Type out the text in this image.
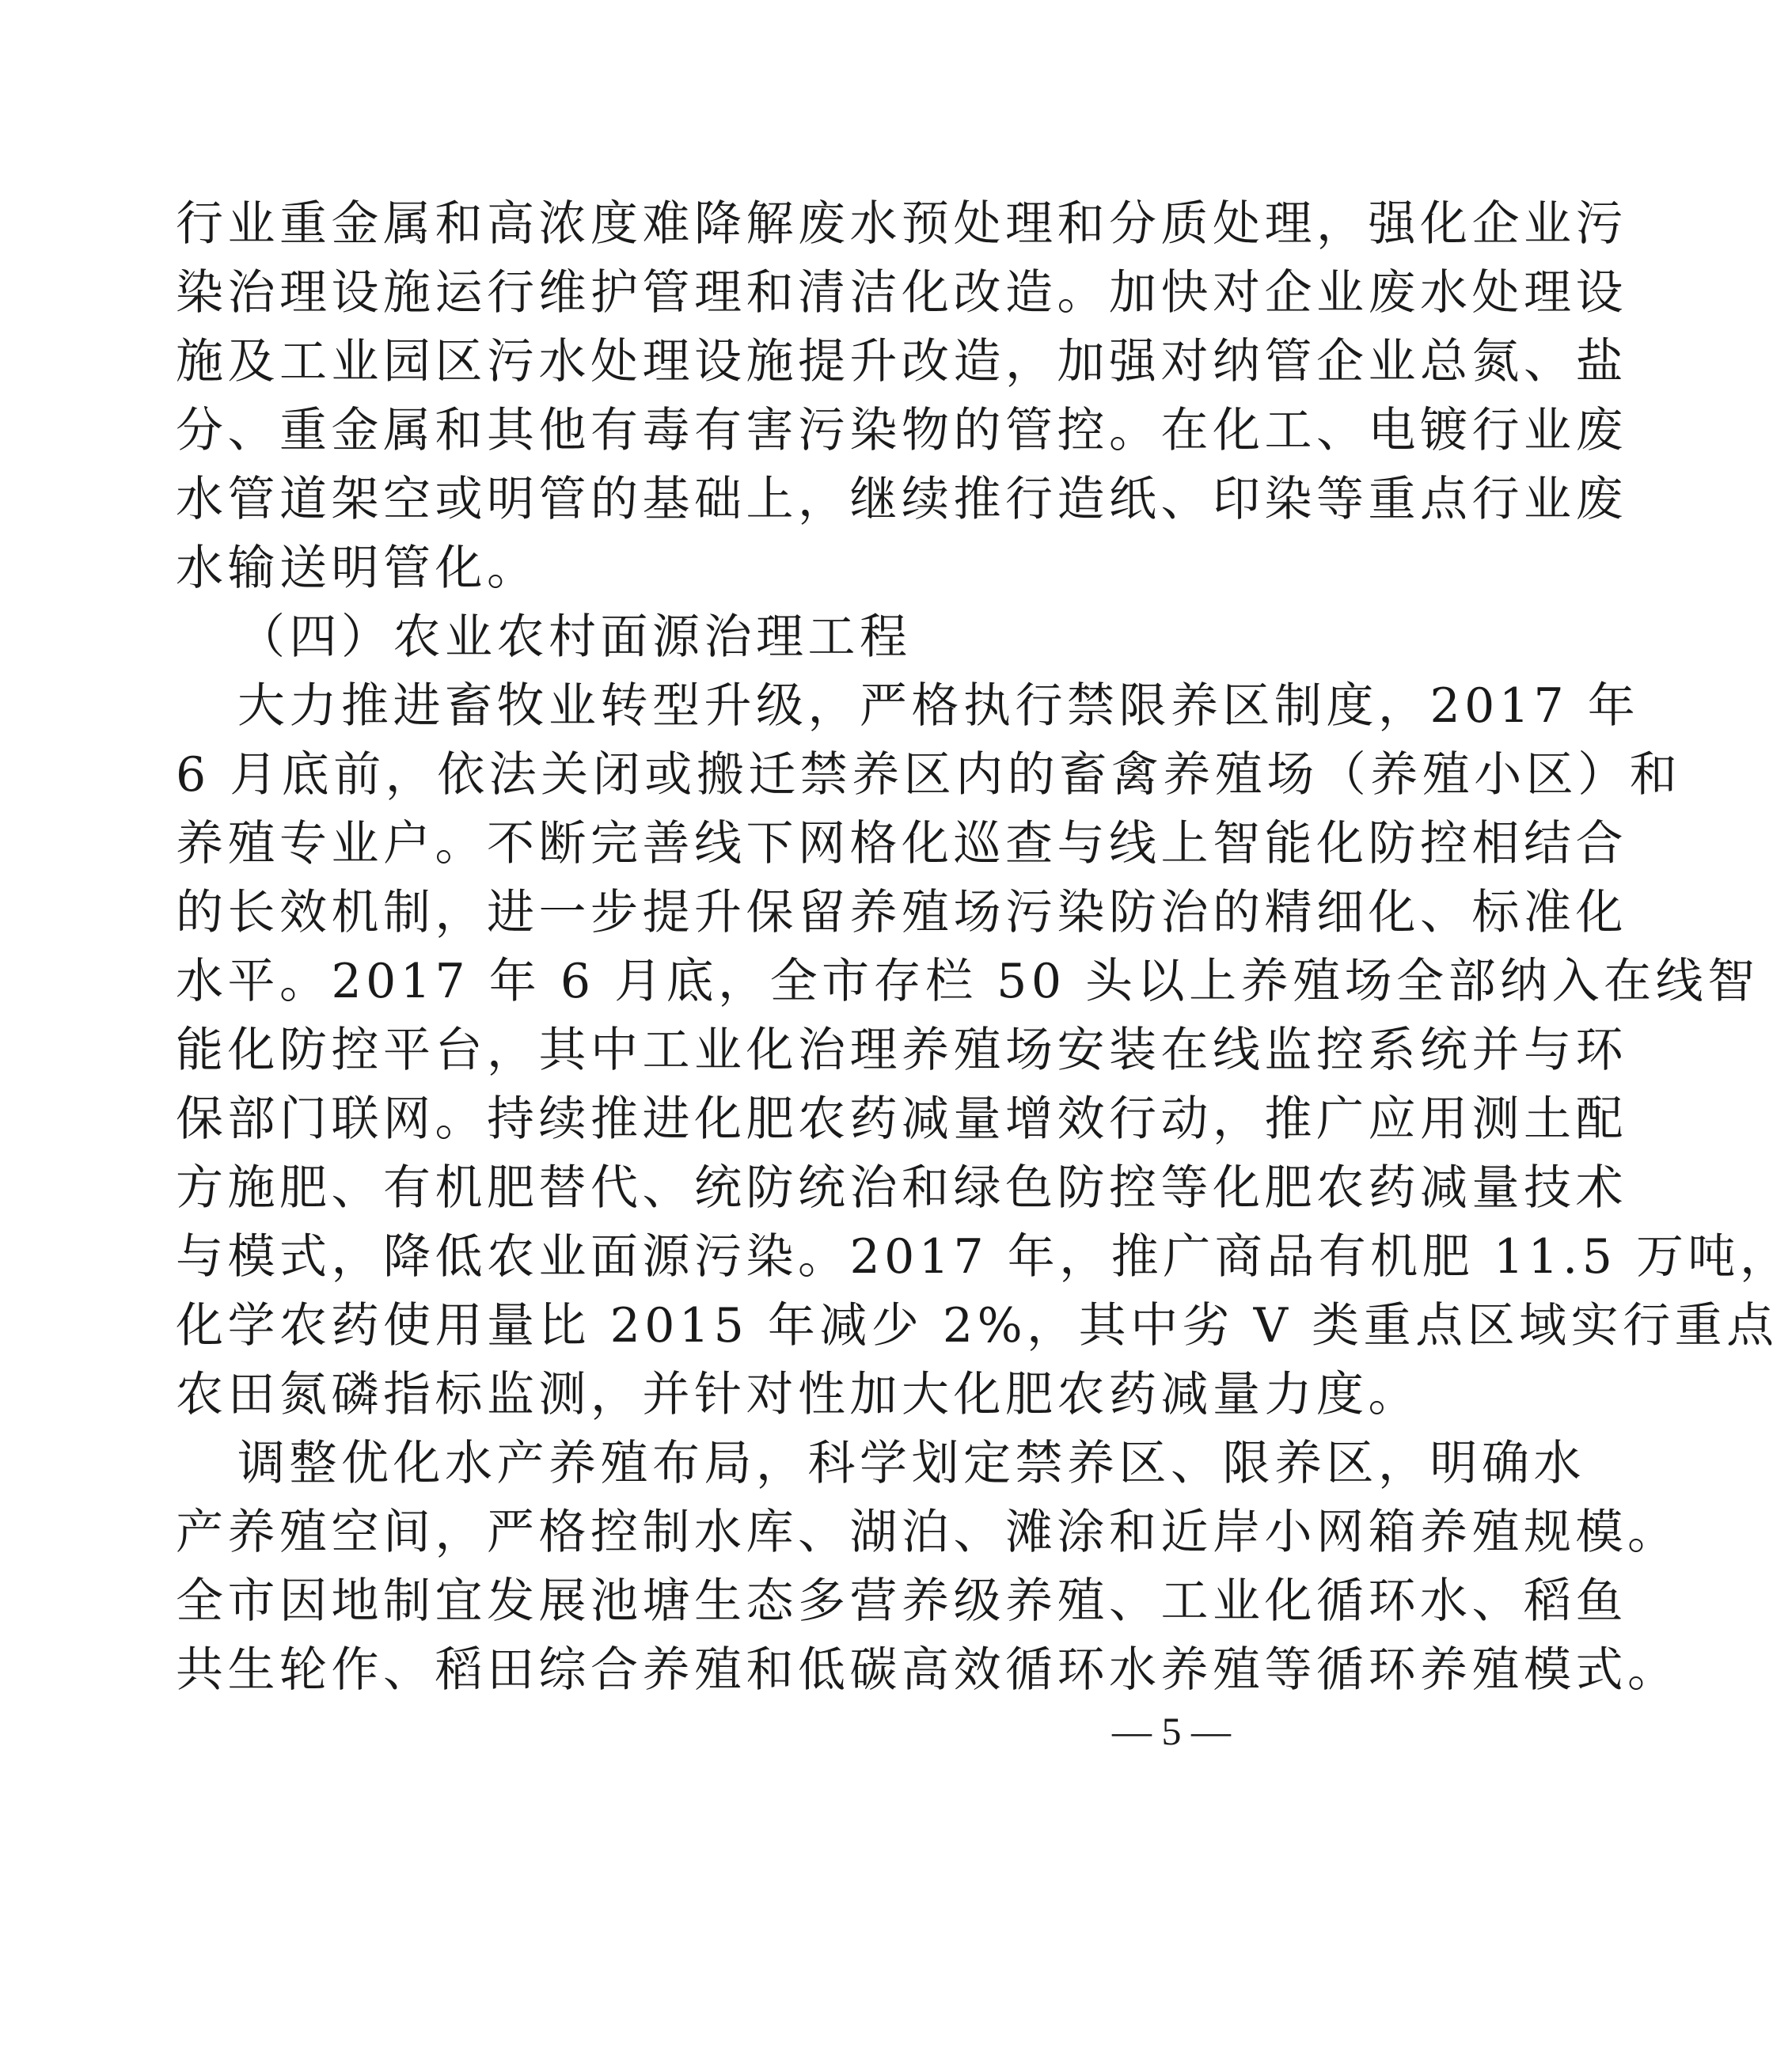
行业重金属和高浓度难降解废水预处理和分质处理，强化企业污
染治理设施运行维护管理和清洁化改造。加快对企业废水处理设
施及工业园区污水处理设施提升改造，加强对纳管企业总氮、盐
分、重金属和其他有毒有害污染物的管控。在化工、电镀行业废
水管道架空或明管的基础上，继续推行造纸、印染等重点行业废
水输送明管化。
（四）农业农村面源治理工程
大力推进畜牧业转型升级，严格执行禁限养区制度，2017 年
6 月底前，依法关闭或搬迁禁养区内的畜禽养殖场（养殖小区）和
养殖专业户。不断完善线下网格化巡查与线上智能化防控相结合
的长效机制，进一步提升保留养殖场污染防治的精细化、标准化
水平。2017 年 6 月底，全市存栏 50 头以上养殖场全部纳入在线智
能化防控平台，其中工业化治理养殖场安装在线监控系统并与环
保部门联网。持续推进化肥农药减量增效行动，推广应用测土配
方施肥、有机肥替代、统防统治和绿色防控等化肥农药减量技术
与模式，降低农业面源污染。2017 年，推广商品有机肥 11.5 万吨，
化学农药使用量比 2015 年减少 2%，其中劣 V 类重点区域实行重点
农田氮磷指标监测，并针对性加大化肥农药减量力度。
调整优化水产养殖布局，科学划定禁养区、限养区，明确水
产养殖空间，严格控制水库、湖泊、滩涂和近岸小网箱养殖规模。
全市因地制宜发展池塘生态多营养级养殖、工业化循环水、稻鱼
共生轮作、稻田综合养殖和低碳高效循环水养殖等循环养殖模式。
— 5 —
